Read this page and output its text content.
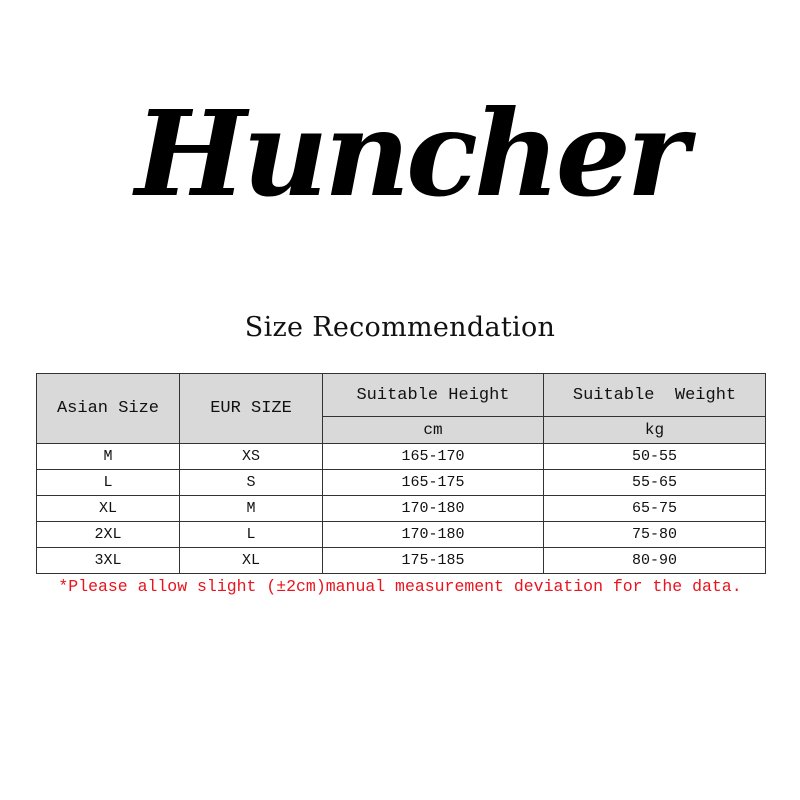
Huncher
Size Recommendation
Asian Size	EUR SIZE	Suitable Height	Suitable  Weight
		cm	kg
M	XS	165-170	50-55
L	S	165-175	55-65
XL	M	170-180	65-75
2XL	L	170-180	75-80
3XL	XL	175-185	80-90
*Please allow slight (±2cm)manual measurement deviation for the data.
